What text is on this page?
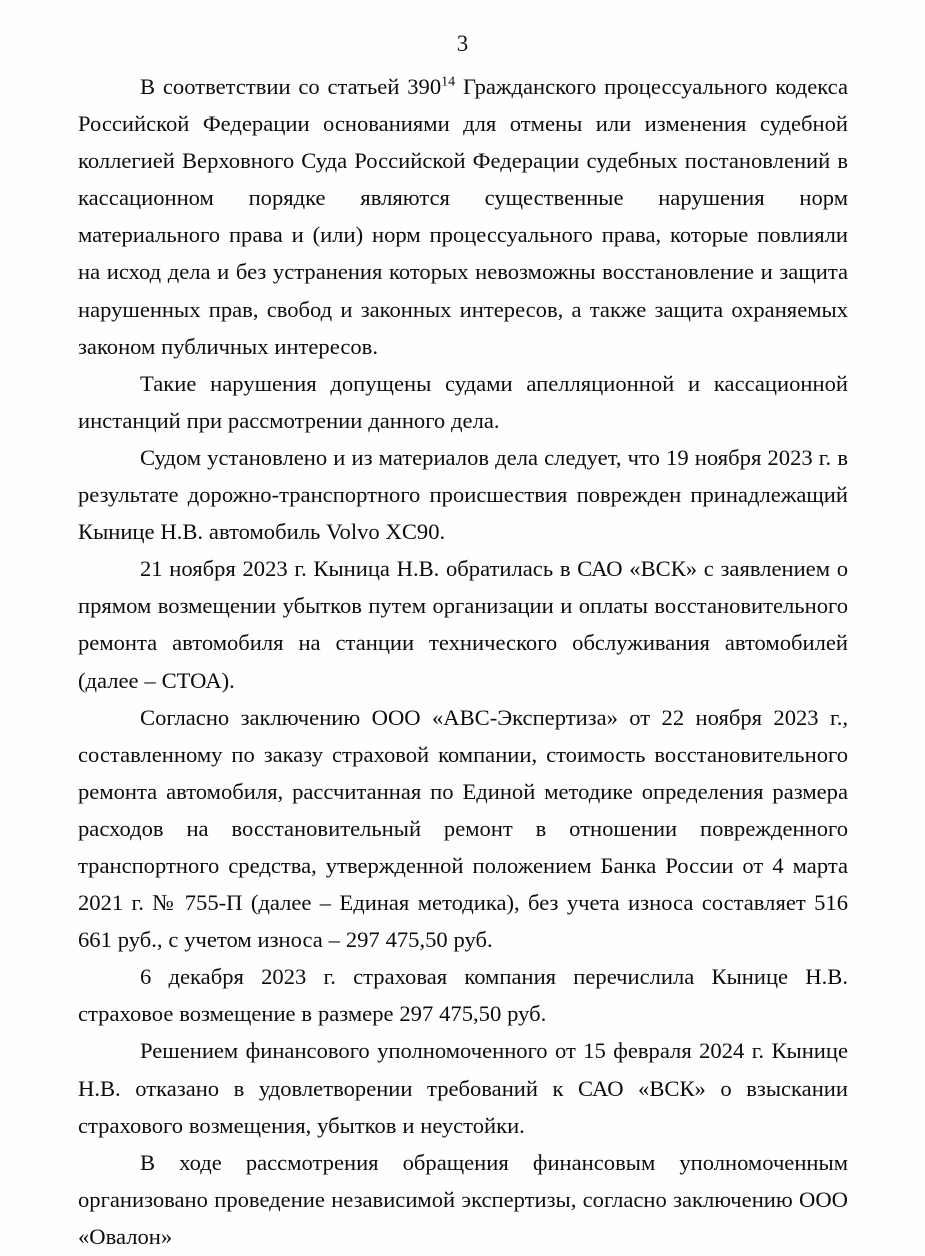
3

В соответствии со статьей $390^{14}$ Гражданского процессуального кодекса Российской Федерации основаниями для отмены или изменения судебной коллегией Верховного Суда Российской Федерации судебных постановлений в кассационном порядке являются существенные нарушения норм материального права и (или) норм процессуального права, которые повлияли на исход дела и без устранения которых невозможны восстановление и защита нарушенных прав, свобод и законных интересов, а также защита охраняемых законом публичных интересов.

Такие нарушения допущены судами апелляционной и кассационной инстанций при рассмотрении данного дела.

Судом установлено и из материалов дела следует, что 19 ноября 2023 г. в результате дорожно-транспортного происшествия поврежден принадлежащий Кынице Н.В. автомобиль Volvo XC90.

21 ноября 2023 г. Кыница Н.В. обратилась в САО «ВСК» с заявлением о прямом возмещении убытков путем организации и оплаты восстановительного ремонта автомобиля на станции технического обслуживания автомобилей (далее – СТОА).

Согласно заключению ООО «АВС-Экспертиза» от 22 ноября 2023 г., составленному по заказу страховой компании, стоимость восстановительного ремонта автомобиля, рассчитанная по Единой методике определения размера расходов на восстановительный ремонт в отношении поврежденного транспортного средства, утвержденной положением Банка России от 4 марта 2021 г. № 755-П (далее – Единая методика), без учета износа составляет 516 661 руб., с учетом износа – 297 475,50 руб.

6 декабря 2023 г. страховая компания перечислила Кынице Н.В. страховое возмещение в размере 297 475,50 руб.

Решением финансового уполномоченного от 15 февраля 2024 г. Кынице Н.В. отказано в удовлетворении требований к САО «ВСК» о взыскании страхового возмещения, убытков и неустойки.

В ходе рассмотрения обращения финансовым уполномоченным организовано проведение независимой экспертизы, согласно заключению ООО «Овалон»
